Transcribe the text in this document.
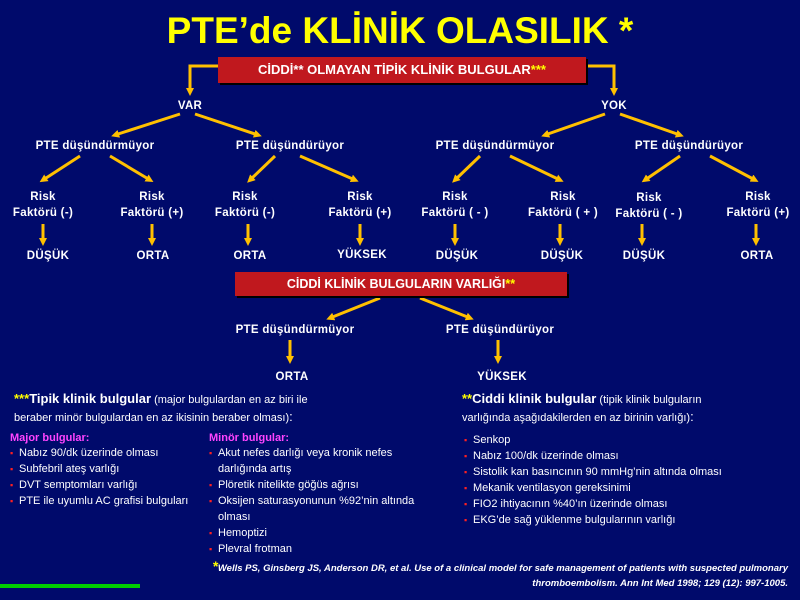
PTE’de KLİNİK OLASILIK *
CİDDİ** OLMAYAN TİPİK KLİNİK BULGULAR***
VAR	YOK
PTE düşündürmüyor	PTE düşündürüyor	PTE düşündürmüyor	PTE düşündürüyor
Risk
Faktörü (-)
Risk
Faktörü (+)
Risk
Faktörü (-)
Risk
Faktörü (+)
Risk
Faktörü ( - )
Risk
Faktörü ( + )
Risk
Faktörü ( - )
Risk
Faktörü (+)
DÜŞÜK	ORTA	ORTA	YÜKSEK	DÜŞÜK	DÜŞÜK	DÜŞÜK	ORTA
CİDDİ KLİNİK BULGULARIN VARLIĞI**
PTE düşündürmüyor	PTE düşündürüyor
ORTA	YÜKSEK
***Tipik klinik bulgular (major bulgulardan en az biri ile
beraber minör bulgulardan en az ikisinin beraber olması):
**Ciddi klinik bulgular (tipik klinik bulguların
varlığında aşağıdakilerden en az birinin varlığı):
Major bulgular:
▪ Nabız 90/dk üzerinde olması
▪ Subfebril ateş varlığı
▪ DVT semptomları varlığı
▪ PTE ile uyumlu AC grafisi bulguları
Minör bulgular:
▪ Akut nefes darlığı veya kronik nefes darlığında artış
▪ Plöretik nitelikte göğüs ağrısı
▪ Oksijen saturasyonunun %92’nin altında olması
▪ Hemoptizi
▪ Plevral frotman
▪ Senkop
▪ Nabız 100/dk üzerinde olması
▪ Sistolik kan basıncının 90 mmHg’nin altında olması
▪ Mekanik ventilasyon gereksinimi
▪ FIO2 ihtiyacının %40’ın üzerinde olması
▪ EKG’de sağ yüklenme bulgularının varlığı
*Wells PS, Ginsberg JS, Anderson DR, et al. Use of a clinical model for safe management of patients with suspected pulmonary
thromboembolism. Ann Int Med 1998; 129 (12): 997-1005.
